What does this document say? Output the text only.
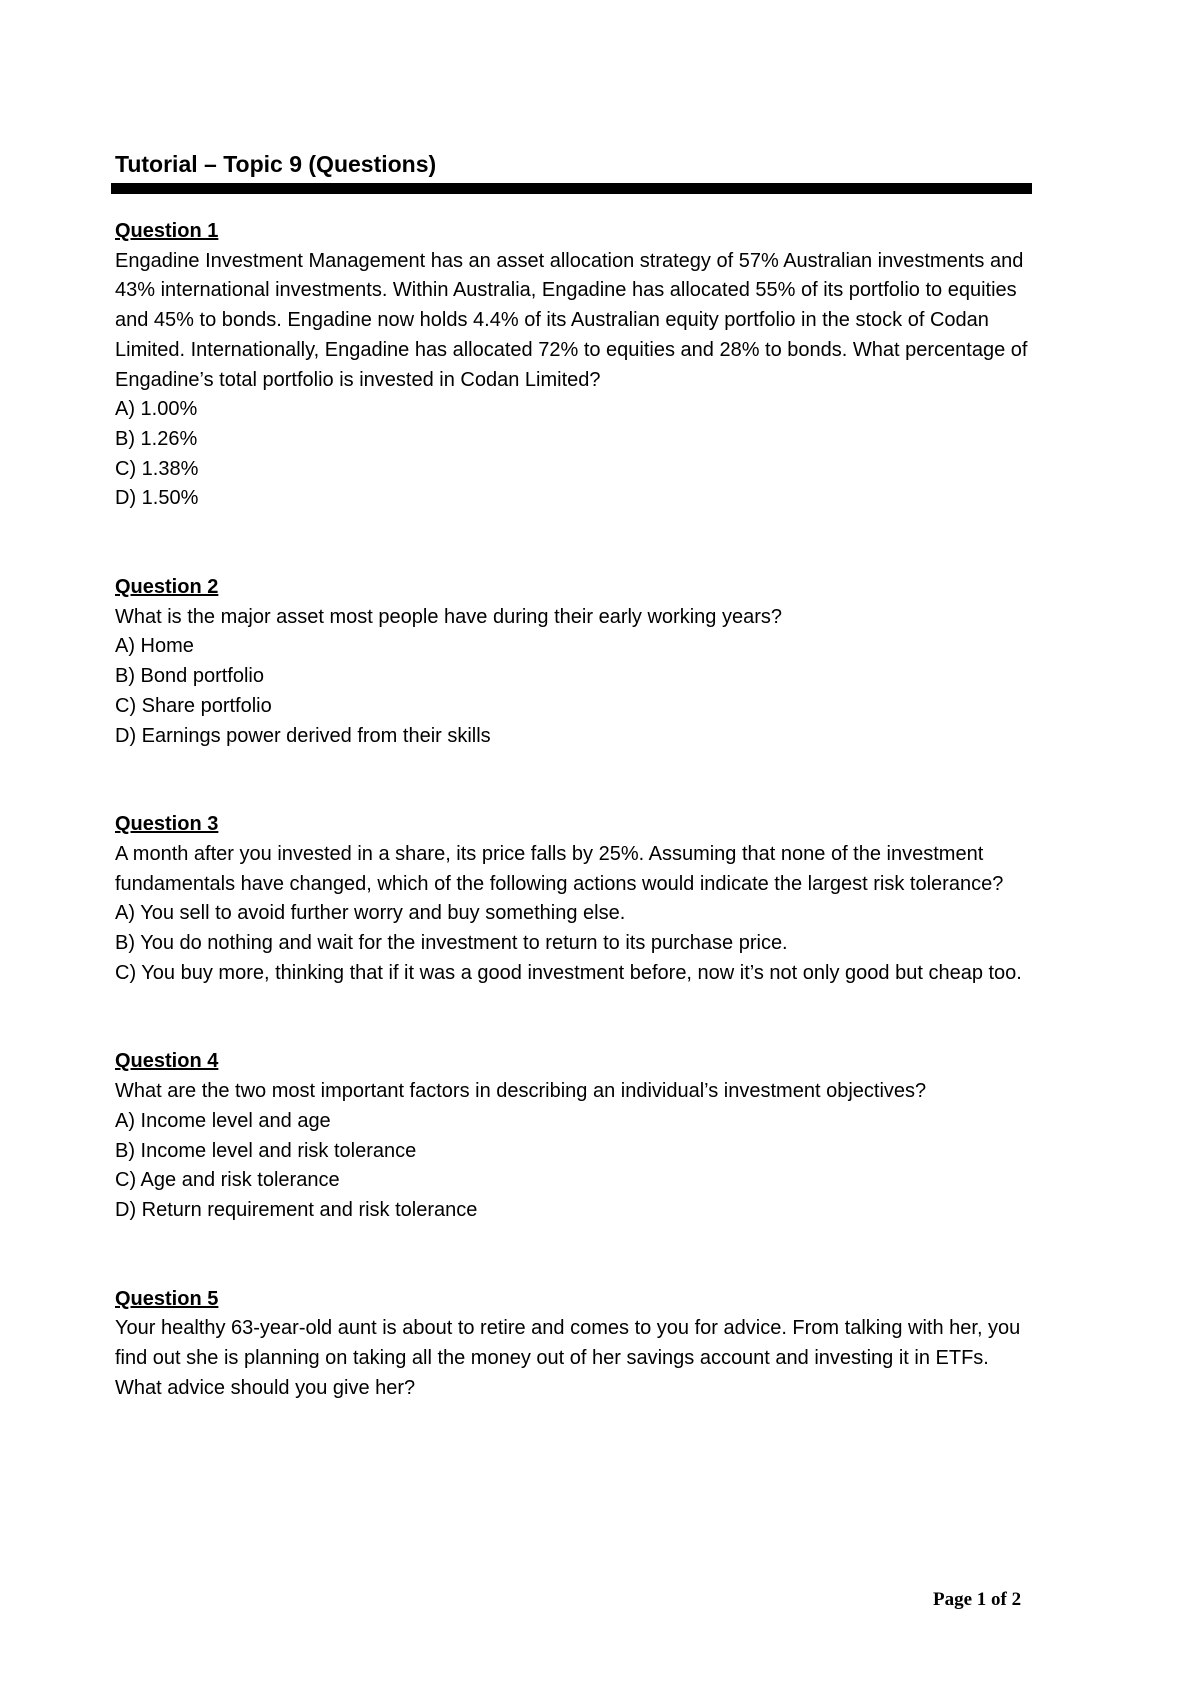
Tutorial – Topic 9 (Questions)
Question 1
Engadine Investment Management has an asset allocation strategy of 57% Australian investments and 43% international investments. Within Australia, Engadine has allocated 55% of its portfolio to equities and 45% to bonds. Engadine now holds 4.4% of its Australian equity portfolio in the stock of Codan Limited. Internationally, Engadine has allocated 72% to equities and 28% to bonds. What percentage of Engadine’s total portfolio is invested in Codan Limited?
A) 1.00%
B) 1.26%
C) 1.38%
D) 1.50%
Question 2
What is the major asset most people have during their early working years?
A) Home
B) Bond portfolio
C) Share portfolio
D) Earnings power derived from their skills
Question 3
A month after you invested in a share, its price falls by 25%. Assuming that none of the investment fundamentals have changed, which of the following actions would indicate the largest risk tolerance?
A) You sell to avoid further worry and buy something else.
B) You do nothing and wait for the investment to return to its purchase price.
C) You buy more, thinking that if it was a good investment before, now it’s not only good but cheap too.
Question 4
What are the two most important factors in describing an individual’s investment objectives?
A) Income level and age
B) Income level and risk tolerance
C) Age and risk tolerance
D) Return requirement and risk tolerance
Question 5
Your healthy 63-year-old aunt is about to retire and comes to you for advice. From talking with her, you find out she is planning on taking all the money out of her savings account and investing it in ETFs. What advice should you give her?
Page 1 of 2
